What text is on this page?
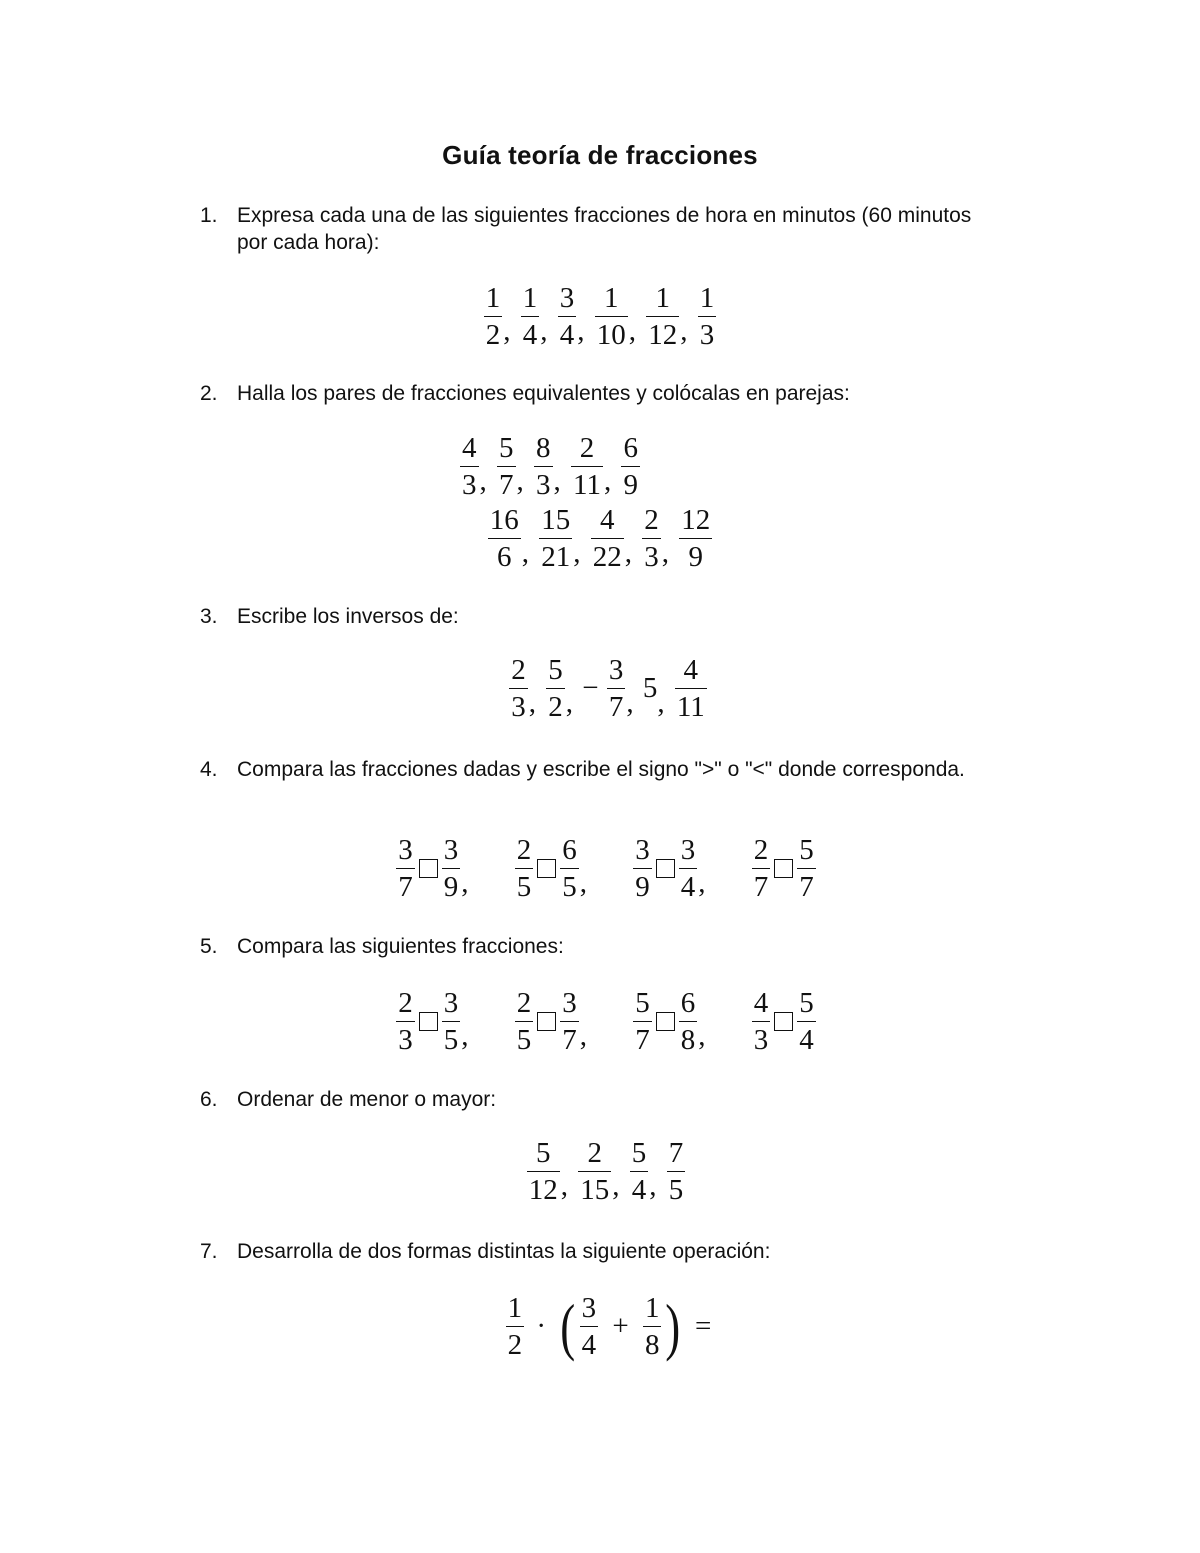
Guía teoría de fracciones
1. Expresa cada una de las siguientes fracciones de hora en minutos (60 minutos por cada hora):
$\frac{1}{2}$ , $\frac{1}{4}$ , $\frac{3}{4}$ , $\frac{1}{10}$ , $\frac{1}{12}$ , $\frac{1}{3}$
2. Halla los pares de fracciones equivalentes y colócalas en parejas:
$\frac{4}{3}$ , $\frac{5}{7}$ , $\frac{8}{3}$ , $\frac{2}{11}$ , $\frac{6}{9}$
$\frac{16}{6}$ , $\frac{15}{21}$ , $\frac{4}{22}$ , $\frac{2}{3}$ , $\frac{12}{9}$
3. Escribe los inversos de:
$\frac{2}{3}$ , $\frac{5}{2}$ , − $\frac{3}{7}$ , 5, $\frac{4}{11}$
4. Compara las fracciones dadas y escribe el signo ">" o "<" donde corresponda.
$\frac{3}{7} \frac{3}{9}$ , $\frac{2}{5} \frac{6}{5}$ , $\frac{3}{9} \frac{3}{4}$ , $\frac{2}{7} \frac{5}{7}$
5. Compara las siguientes fracciones:
$\frac{2}{3} \frac{3}{5}$ , $\frac{2}{5} \frac{3}{7}$ , $\frac{5}{7} \frac{6}{8}$ , $\frac{4}{3} \frac{5}{4}$
6. Ordenar de menor o mayor:
$\frac{5}{12}$ , $\frac{2}{15}$ , $\frac{5}{4}$ , $\frac{7}{5}$
7. Desarrolla de dos formas distintas la siguiente operación:
$\frac{1}{2}$ · ( $\frac{3}{4} + \frac{1}{8}$ ) =
